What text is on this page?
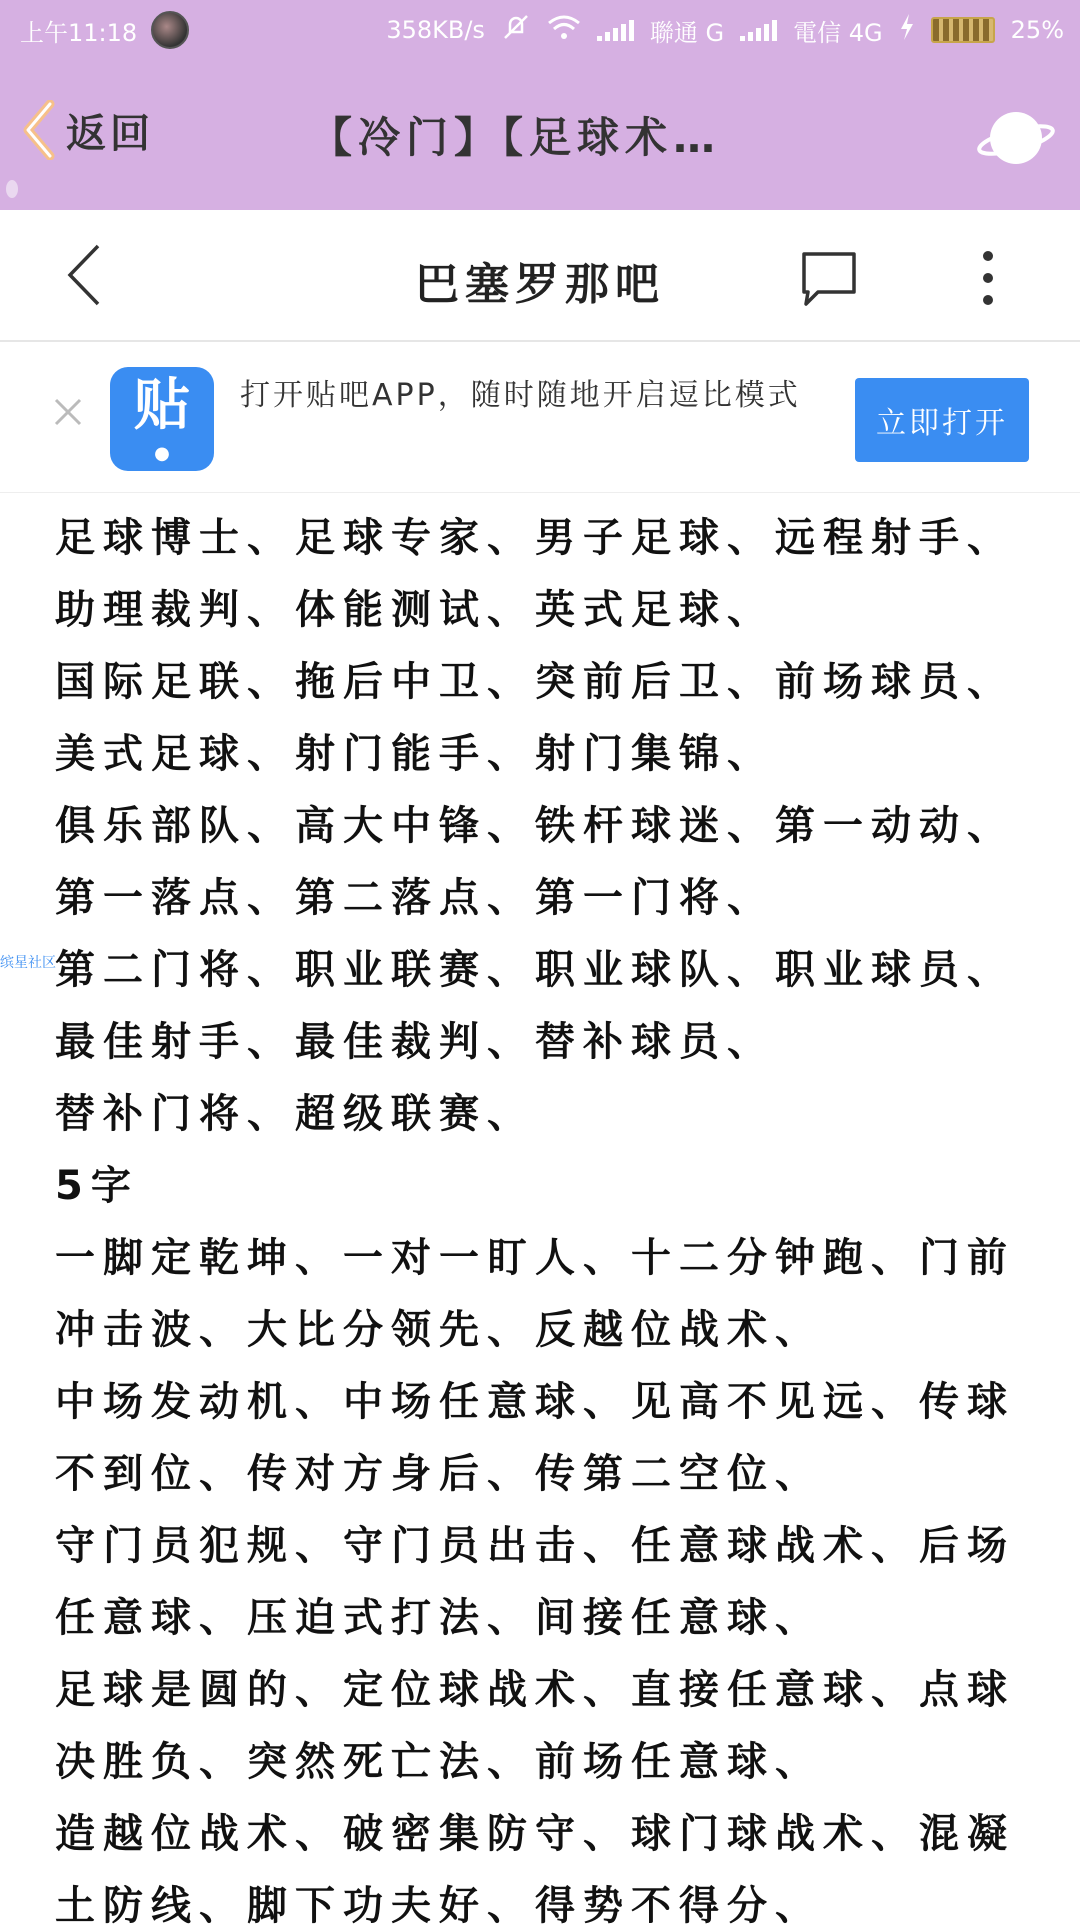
上午11:18	358KB/s	聯通 G	電信 4G	25%
返回	【冷门】【足球术…
巴塞罗那吧
贴
●
打开贴吧APP，随时随地开启逗比模式
立即打开
缤星社区
足球博士、足球专家、男子足球、远程射手、
助理裁判、体能测试、英式足球、
国际足联、拖后中卫、突前后卫、前场球员、
美式足球、射门能手、射门集锦、
俱乐部队、高大中锋、铁杆球迷、第一动动、
第一落点、第二落点、第一门将、
第二门将、职业联赛、职业球队、职业球员、
最佳射手、最佳裁判、替补球员、
替补门将、超级联赛、
5字
一脚定乾坤、一对一盯人、十二分钟跑、门前
冲击波、大比分领先、反越位战术、
中场发动机、中场任意球、见高不见远、传球
不到位、传对方身后、传第二空位、
守门员犯规、守门员出击、任意球战术、后场
任意球、压迫式打法、间接任意球、
足球是圆的、定位球战术、直接任意球、点球
决胜负、突然死亡法、前场任意球、
造越位战术、破密集防守、球门球战术、混凝
土防线、脚下功夫好、得势不得分、
